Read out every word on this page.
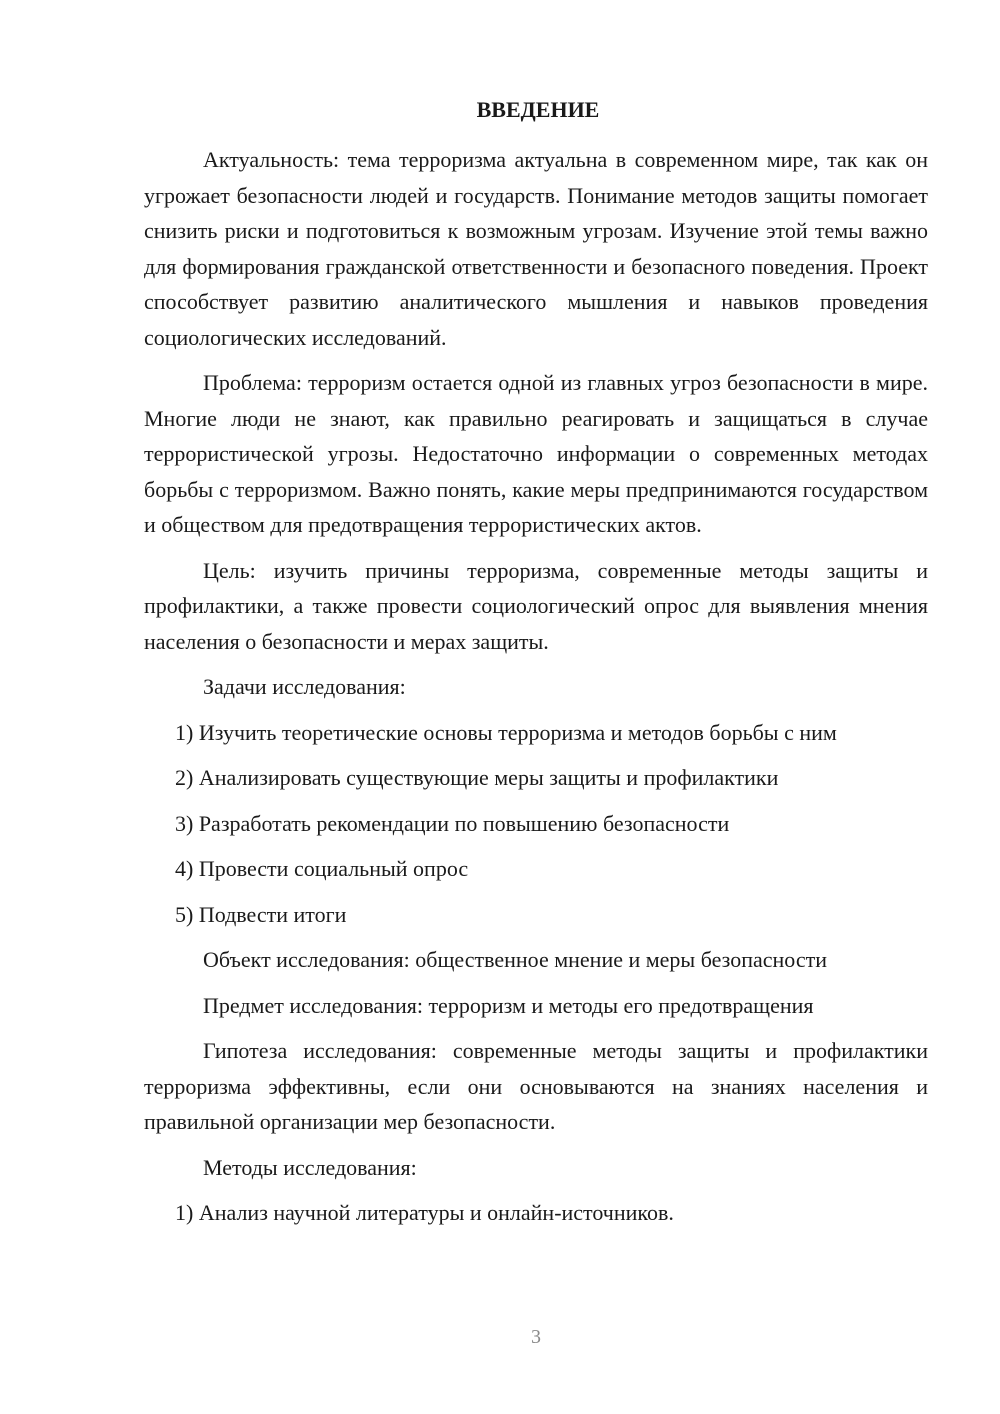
ВВЕДЕНИЕ

Актуальность: тема терроризма актуальна в современном мире, так как он угрожает безопасности людей и государств. Понимание методов защиты помогает снизить риски и подготовиться к возможным угрозам. Изучение этой темы важно для формирования гражданской ответственности и безопасного поведения. Проект способствует развитию аналитического мышления и навыков проведения социологических исследований.

Проблема: терроризм остается одной из главных угроз безопасности в мире. Многие люди не знают, как правильно реагировать и защищаться в случае террористической угрозы. Недостаточно информации о современных методах борьбы с терроризмом. Важно понять, какие меры предпринимаются государством и обществом для предотвращения террористических актов.

Цель: изучить причины терроризма, современные методы защиты и профилактики, а также провести социологический опрос для выявления мнения населения о безопасности и мерах защиты.

Задачи исследования:

1) Изучить теоретические основы терроризма и методов борьбы с ним
2) Анализировать существующие меры защиты и профилактики
3) Разработать рекомендации по повышению безопасности
4) Провести социальный опрос
5) Подвести итоги

Объект исследования: общественное мнение и меры безопасности

Предмет исследования: терроризм и методы его предотвращения

Гипотеза исследования: современные методы защиты и профилактики терроризма эффективны, если они основываются на знаниях населения и правильной организации мер безопасности.

Методы исследования:

1) Анализ научной литературы и онлайн-источников.
3
